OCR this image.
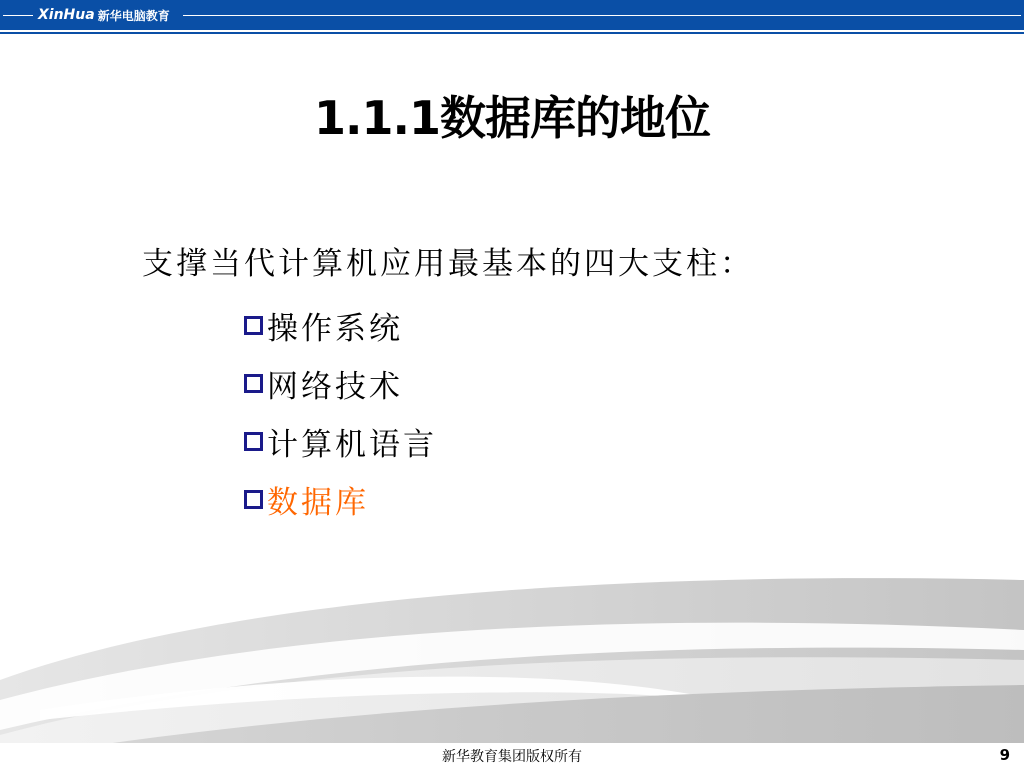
XinHua 新华电脑教育
1.1.1数据库的地位
支撑当代计算机应用最基本的四大支柱：
操作系统
网络技术
计算机语言
数据库
新华教育集团版权所有	9
